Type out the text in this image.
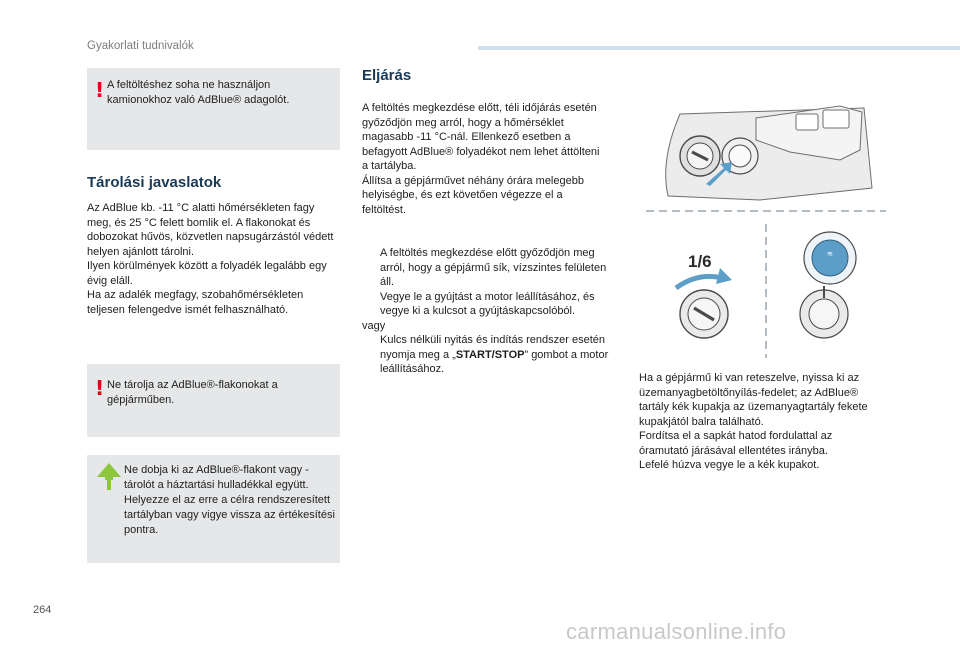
Gyakorlati tudnivalók
! A feltöltéshez soha ne használjon kamionokhoz való AdBlue® adagolót.
Tárolási javaslatok
Az AdBlue kb. -11 °C alatti hőmérsékleten fagy meg, és 25 °C felett bomlik el. A flakonokat és dobozokat hűvös, közvetlen napsugárzástól védett helyen ajánlott tárolni.
Ilyen körülmények között a folyadék legalább egy évig eláll.
Ha az adalék megfagy, szobahőmérsékleten teljesen felengedve ismét felhasználható.
! Ne tárolja az AdBlue®-flakonokat a gépjárműben.
Ne dobja ki az AdBlue®-flakont vagy -tárolót a háztartási hulladékkal együtt. Helyezze el az erre a célra rendszeresített tartályban vagy vigye vissza az értékesítési pontra.
Eljárás
A feltöltés megkezdése előtt, téli időjárás esetén győződjön meg arról, hogy a hőmérséklet magasabb -11 °C-nál. Ellenkező esetben a befagyott AdBlue® folyadékot nem lehet áttölteni a tartályba.
Állítsa a gépjárművet néhány órára melegebb helyiségbe, és ezt követően végezze el a feltöltést.
A feltöltés megkezdése előtt győződjön meg arról, hogy a gépjármű sík, vízszintes felületen áll.
Vegye le a gyújtást a motor leállításához, és vegye ki a kulcsot a gyújtáskapcsolóból.
vagy
Kulcs nélküli nyitás és indítás rendszer esetén nyomja meg a „START/STOP” gombot a motor leállításához.
1/6	≋
Ha a gépjármű ki van reteszelve, nyissa ki az üzemanyagbetöltőnyílás-fedelet; az AdBlue® tartály kék kupakja az üzemanyagtartály fekete kupakjától balra található.
Fordítsa el a sapkát hatod fordulattal az óramutató járásával ellentétes irányba.
Lefelé húzva vegye le a kék kupakot.
264
carmanualsonline.info
